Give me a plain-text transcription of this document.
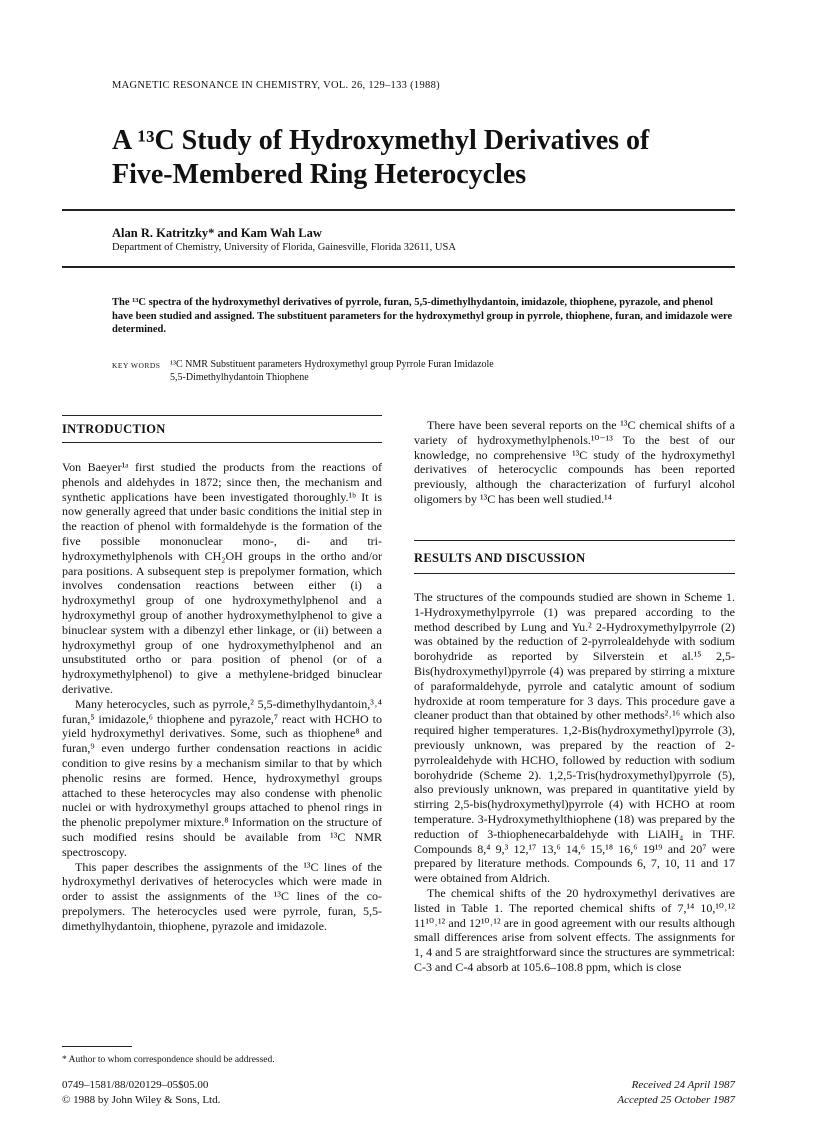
MAGNETIC RESONANCE IN CHEMISTRY, VOL. 26, 129–133 (1988)
A ¹³C Study of Hydroxymethyl Derivatives of
Five-Membered Ring Heterocycles
Alan R. Katritzky* and Kam Wah Law
Department of Chemistry, University of Florida, Gainesville, Florida 32611, USA
The ¹³C spectra of the hydroxymethyl derivatives of pyrrole, furan, 5,5-dimethylhydantoin, imidazole, thiophene, pyrazole, and phenol have been studied and assigned. The substituent parameters for the hydroxymethyl group in pyrrole, thiophene, furan, and imidazole were determined.
KEY WORDS ¹³C NMR Substituent parameters Hydroxymethyl group Pyrrole Furan Imidazole
5,5-Dimethylhydantoin Thiophene
INTRODUCTION

Von Baeyer¹ᵃ first studied the products from the reactions of phenols and aldehydes in 1872; since then, the mechanism and synthetic applications have been investigated thoroughly.¹ᵇ It is now generally agreed that under basic conditions the initial step in the reaction of phenol with formaldehyde is the formation of the five possible mononuclear mono-, di- and tri-hydroxymethylphenols with CH₂OH groups in the ortho and/or para positions. A subsequent step is prepolymer formation, which involves condensation reactions between either (i) a hydroxymethyl group of one hydroxymethylphenol and a hydroxymethyl group of another hydroxymethylphenol to give a binuclear system with a dibenzyl ether linkage, or (ii) between a hydroxymethyl group of one hydroxymethylphenol and an unsubstituted ortho or para position of phenol (or of a hydroxymethylphenol) to give a methylene-bridged binuclear derivative.

Many heterocycles, such as pyrrole,² 5,5-dimethylhydantoin,³˒⁴ furan,⁵ imidazole,⁶ thiophene and pyrazole,⁷ react with HCHO to yield hydroxymethyl derivatives. Some, such as thiophene⁸ and furan,⁹ even undergo further condensation reactions in acidic condition to give resins by a mechanism similar to that by which phenolic resins are formed. Hence, hydroxymethyl groups attached to these heterocycles may also condense with phenolic nuclei or with hydroxymethyl groups attached to phenol rings in the phenolic prepolymer mixture.⁸ Information on the structure of such modified resins should be available from ¹³C NMR spectroscopy.

This paper describes the assignments of the ¹³C lines of the hydroxymethyl derivatives of heterocycles which were made in order to assist the assignments of the ¹³C lines of the co-prepolymers. The heterocycles used were pyrrole, furan, 5,5-dimethylhydantoin, thiophene, pyrazole and imidazole.

There have been several reports on the ¹³C chemical shifts of a variety of hydroxymethylphenols.¹⁰⁻¹³ To the best of our knowledge, no comprehensive ¹³C study of the hydroxymethyl derivatives of heterocyclic compounds has been reported previously, although the characterization of furfuryl alcohol oligomers by ¹³C has been well studied.¹⁴

RESULTS AND DISCUSSION

The structures of the compounds studied are shown in Scheme 1. 1-Hydroxymethylpyrrole (1) was prepared according to the method described by Lung and Yu.² 2-Hydroxymethylpyrrole (2) was obtained by the reduction of 2-pyrrolealdehyde with sodium borohydride as reported by Silverstein et al.¹⁵ 2,5-Bis(hydroxymethyl)pyrrole (4) was prepared by stirring a mixture of paraformaldehyde, pyrrole and catalytic amount of sodium hydroxide at room temperature for 3 days. This procedure gave a cleaner product than that obtained by other methods²˒¹⁶ which also required higher temperatures. 1,2-Bis(hydroxymethyl)pyrrole (3), previously unknown, was prepared by the reaction of 2-pyrrolealdehyde with HCHO, followed by reduction with sodium borohydride (Scheme 2). 1,2,5-Tris(hydroxymethyl)pyrrole (5), also previously unknown, was prepared in quantitative yield by stirring 2,5-bis(hydroxymethyl)pyrrole (4) with HCHO at room temperature. 3-Hydroxymethylthiophene (18) was prepared by the reduction of 3-thiophenecarbaldehyde with LiAlH₄ in THF. Compounds 8,⁴ 9,³ 12,¹⁷ 13,⁶ 14,⁶ 15,¹⁸ 16,⁶ 19¹⁹ and 20⁷ were prepared by literature methods. Compounds 6, 7, 10, 11 and 17 were obtained from Aldrich.

The chemical shifts of the 20 hydroxymethyl derivatives are listed in Table 1. The reported chemical shifts of 7,¹⁴ 10,¹⁰˒¹² 11¹⁰˒¹² and 12¹⁰˒¹² are in good agreement with our results although small differences arise from solvent effects. The assignments for 1, 4 and 5 are straightforward since the structures are symmetrical: C-3 and C-4 absorb at 105.6–108.8 ppm, which is close

* Author to whom correspondence should be addressed.
0749–1581/88/020129–05$05.00
© 1988 by John Wiley & Sons, Ltd.
Received 24 April 1987
Accepted 25 October 1987
